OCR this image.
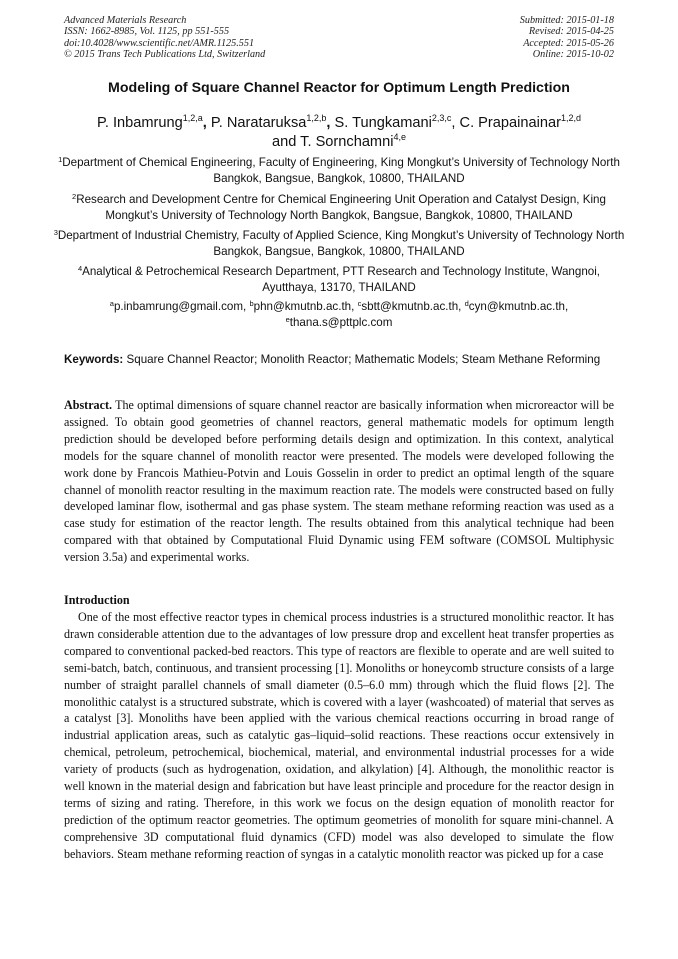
Advanced Materials Research
ISSN: 1662-8985, Vol. 1125, pp 551-555
doi:10.4028/www.scientific.net/AMR.1125.551
© 2015 Trans Tech Publications Ltd, Switzerland
Submitted: 2015-01-18
Revised: 2015-04-25
Accepted: 2015-05-26
Online: 2015-10-02
Modeling of Square Channel Reactor for Optimum Length Prediction
P. Inbamrung$^{1,2,a}$, P. Narataruksa$^{1,2,b}$, S. Tungkamani$^{2,3,c}$, C. Prapainainar$^{1,2,d}$
and T. Sornchamni$^{4,e}$
$^1$Department of Chemical Engineering, Faculty of Engineering, King Mongkut’s University of Technology North Bangkok, Bangsue, Bangkok, 10800, THAILAND
$^2$Research and Development Centre for Chemical Engineering Unit Operation and Catalyst Design, King Mongkut’s University of Technology North Bangkok, Bangsue, Bangkok, 10800, THAILAND
$^3$Department of Industrial Chemistry, Faculty of Applied Science, King Mongkut’s University of Technology North Bangkok, Bangsue, Bangkok, 10800, THAILAND
$^4$Analytical & Petrochemical Research Department, PTT Research and Technology Institute, Wangnoi, Ayutthaya, 13170, THAILAND
$^a$p.inbamrung@gmail.com, $^b$phn@kmutnb.ac.th, $^c$sbtt@kmutnb.ac.th, $^d$cyn@kmutnb.ac.th,
$^e$thana.s@pttplc.com
Keywords: Square Channel Reactor; Monolith Reactor; Mathematic Models; Steam Methane Reforming
Abstract. The optimal dimensions of square channel reactor are basically information when microreactor will be assigned. To obtain good geometries of channel reactors, general mathematic models for optimum length prediction should be developed before performing details design and optimization. In this context, analytical models for the square channel of monolith reactor were presented. The models were developed following the work done by Francois Mathieu-Potvin and Louis Gosselin in order to predict an optimal length of the square channel of monolith reactor resulting in the maximum reaction rate. The models were constructed based on fully developed laminar flow, isothermal and gas phase system. The steam methane reforming reaction was used as a case study for estimation of the reactor length. The results obtained from this analytical technique had been compared with that obtained by Computational Fluid Dynamic using FEM software (COMSOL Multiphysic version 3.5a) and experimental works.
Introduction
One of the most effective reactor types in chemical process industries is a structured monolithic reactor. It has drawn considerable attention due to the advantages of low pressure drop and excellent heat transfer properties as compared to conventional packed-bed reactors. This type of reactors are flexible to operate and are well suited to semi-batch, batch, continuous, and transient processing [1]. Monoliths or honeycomb structure consists of a large number of straight parallel channels of small diameter (0.5–6.0 mm) through which the fluid flows [2]. The monolithic catalyst is a structured substrate, which is covered with a layer (washcoated) of material that serves as a catalyst [3]. Monoliths have been applied with the various chemical reactions occurring in broad range of industrial application areas, such as catalytic gas–liquid–solid reactions. These reactions occur extensively in chemical, petroleum, petrochemical, biochemical, material, and environmental industrial processes for a wide variety of products (such as hydrogenation, oxidation, and alkylation) [4]. Although, the monolithic reactor is well known in the material design and fabrication but have least principle and procedure for the reactor design in terms of sizing and rating. Therefore, in this work we focus on the design equation of monolith reactor for prediction of the optimum reactor geometries. The optimum geometries of monolith for square mini-channel. A comprehensive 3D computational fluid dynamics (CFD) model was also developed to simulate the flow behaviors. Steam methane reforming reaction of syngas in a catalytic monolith reactor was picked up for a case
